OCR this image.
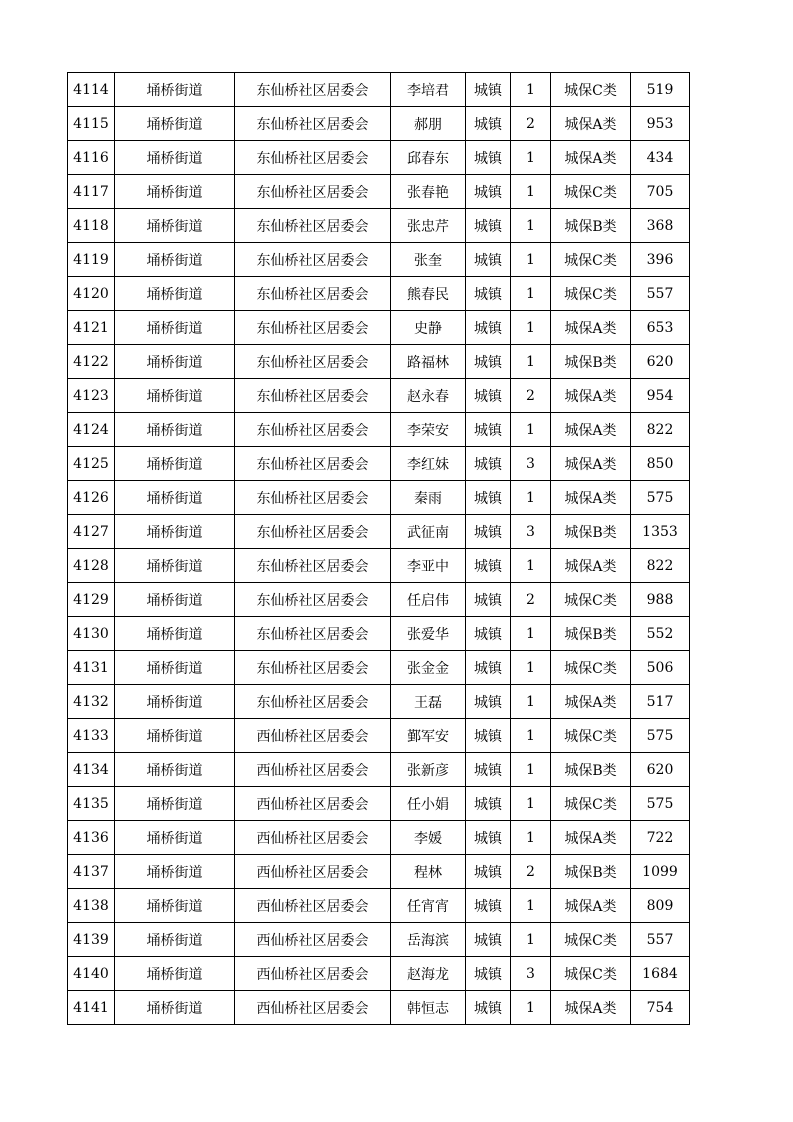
4114	埇桥街道	东仙桥社区居委会	李培君	城镇	1	城保C类	519
4115	埇桥街道	东仙桥社区居委会	郝朋	城镇	2	城保A类	953
4116	埇桥街道	东仙桥社区居委会	邱春东	城镇	1	城保A类	434
4117	埇桥街道	东仙桥社区居委会	张春艳	城镇	1	城保C类	705
4118	埇桥街道	东仙桥社区居委会	张忠芹	城镇	1	城保B类	368
4119	埇桥街道	东仙桥社区居委会	张奎	城镇	1	城保C类	396
4120	埇桥街道	东仙桥社区居委会	熊春民	城镇	1	城保C类	557
4121	埇桥街道	东仙桥社区居委会	史静	城镇	1	城保A类	653
4122	埇桥街道	东仙桥社区居委会	路福林	城镇	1	城保B类	620
4123	埇桥街道	东仙桥社区居委会	赵永春	城镇	2	城保A类	954
4124	埇桥街道	东仙桥社区居委会	李荣安	城镇	1	城保A类	822
4125	埇桥街道	东仙桥社区居委会	李红妹	城镇	3	城保A类	850
4126	埇桥街道	东仙桥社区居委会	秦雨	城镇	1	城保A类	575
4127	埇桥街道	东仙桥社区居委会	武征南	城镇	3	城保B类	1353
4128	埇桥街道	东仙桥社区居委会	李亚中	城镇	1	城保A类	822
4129	埇桥街道	东仙桥社区居委会	任启伟	城镇	2	城保C类	988
4130	埇桥街道	东仙桥社区居委会	张爱华	城镇	1	城保B类	552
4131	埇桥街道	东仙桥社区居委会	张金金	城镇	1	城保C类	506
4132	埇桥街道	东仙桥社区居委会	王磊	城镇	1	城保A类	517
4133	埇桥街道	西仙桥社区居委会	鄞军安	城镇	1	城保C类	575
4134	埇桥街道	西仙桥社区居委会	张新彦	城镇	1	城保B类	620
4135	埇桥街道	西仙桥社区居委会	任小娟	城镇	1	城保C类	575
4136	埇桥街道	西仙桥社区居委会	李媛	城镇	1	城保A类	722
4137	埇桥街道	西仙桥社区居委会	程林	城镇	2	城保B类	1099
4138	埇桥街道	西仙桥社区居委会	任宵宵	城镇	1	城保A类	809
4139	埇桥街道	西仙桥社区居委会	岳海滨	城镇	1	城保C类	557
4140	埇桥街道	西仙桥社区居委会	赵海龙	城镇	3	城保C类	1684
4141	埇桥街道	西仙桥社区居委会	韩恒志	城镇	1	城保A类	754
